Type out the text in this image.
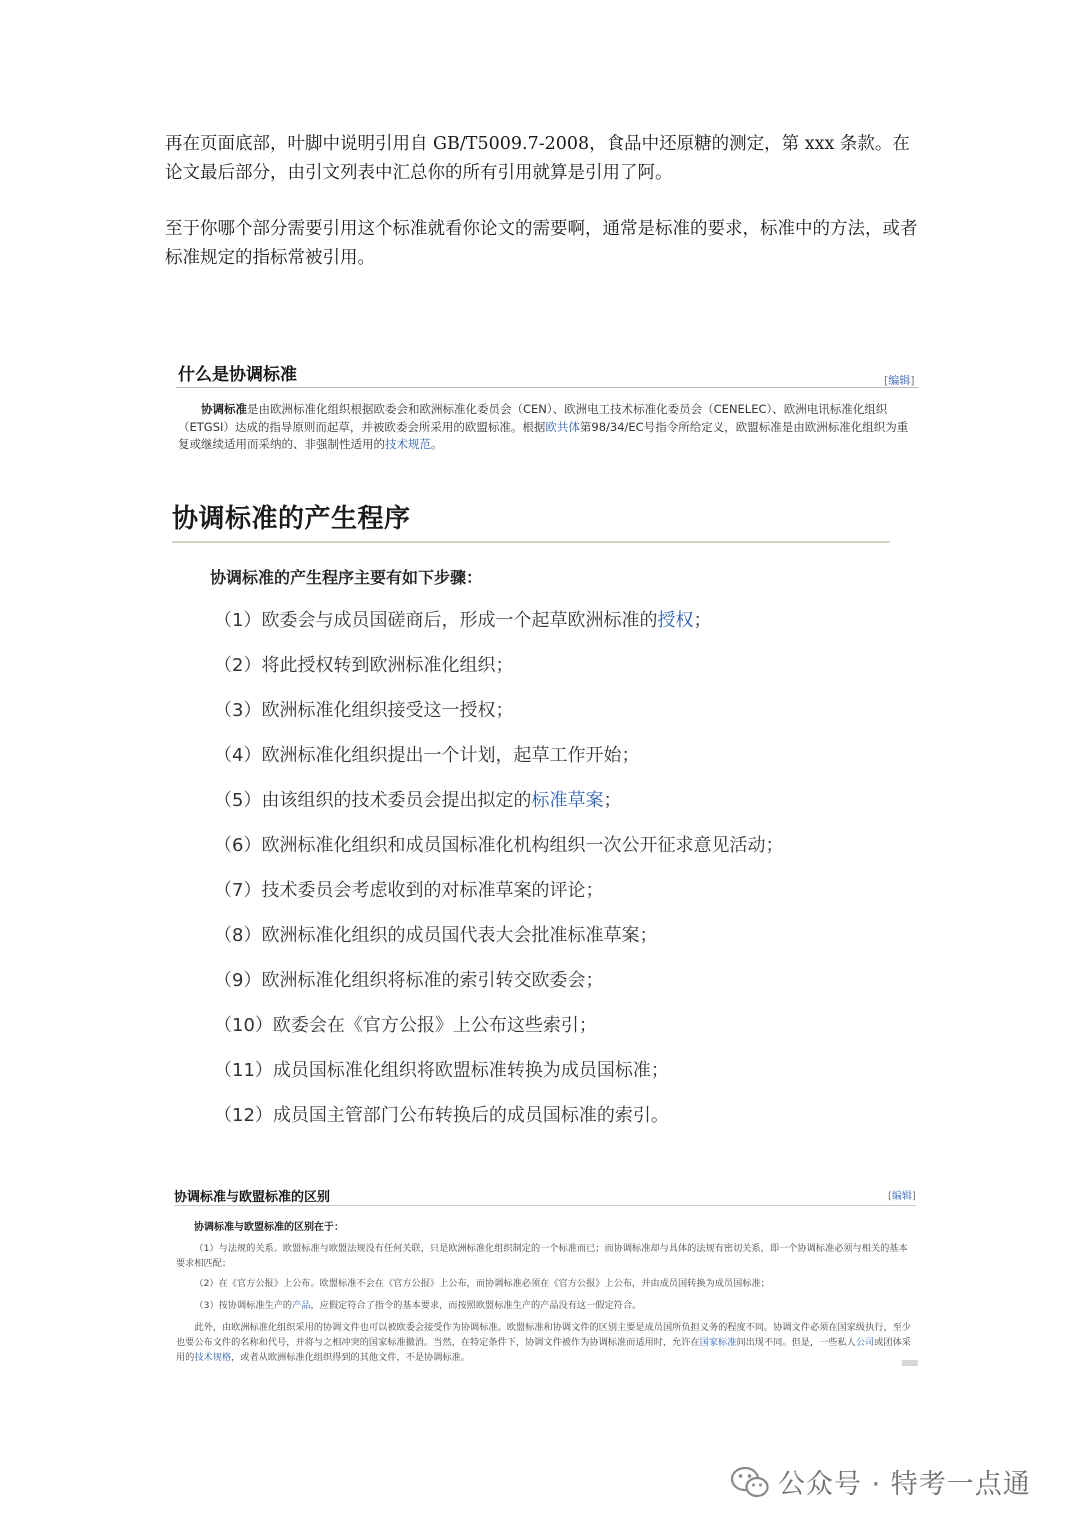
再在页面底部，叶脚中说明引用自 GB/T5009.7-2008，食品中还原糖的测定，第 xxx 条款。在论文最后部分，由引文列表中汇总你的所有引用就算是引用了阿。

至于你哪个部分需要引用这个标准就看你论文的需要啊，通常是标准的要求，标准中的方法，或者标准规定的指标常被引用。

什么是协调标准	[编辑]
协调标准是由欧洲标准化组织根据欧委会和欧洲标准化委员会（CEN）、欧洲电工技术标准化委员会（CENELEC）、欧洲电讯标准化组织（ETGSI）达成的指导原则而起草，并被欧委会所采用的欧盟标准。根据欧共体第98/34/EC号指令所给定义，欧盟标准是由欧洲标准化组织为重复或继续适用而采纳的、非强制性适用的技术规范。
协调标准的产生程序
协调标准的产生程序主要有如下步骤：
（1）欧委会与成员国磋商后，形成一个起草欧洲标准的授权；
（2）将此授权转到欧洲标准化组织；
（3）欧洲标准化组织接受这一授权；
（4）欧洲标准化组织提出一个计划，起草工作开始；
（5）由该组织的技术委员会提出拟定的标准草案；
（6）欧洲标准化组织和成员国标准化机构组织一次公开征求意见活动；
（7）技术委员会考虑收到的对标准草案的评论；
（8）欧洲标准化组织的成员国代表大会批准标准草案；
（9）欧洲标准化组织将标准的索引转交欧委会；
（10）欧委会在《官方公报》上公布这些索引；
（11）成员国标准化组织将欧盟标准转换为成员国标准；
（12）成员国主管部门公布转换后的成员国标准的索引。
协调标准与欧盟标准的区别	[编辑]
协调标准与欧盟标准的区别在于：
（1）与法规的关系。欧盟标准与欧盟法规没有任何关联，只是欧洲标准化组织制定的一个标准而已；而协调标准却与具体的法规有密切关系，即一个协调标准必须与相关的基本要求相匹配；
（2）在《官方公报》上公布。欧盟标准不会在《官方公报》上公布，而协调标准必须在《官方公报》上公布，并由成员国转换为成员国标准；
（3）按协调标准生产的产品，应假定符合了指令的基本要求，而按照欧盟标准生产的产品没有这一假定符合。
此外，由欧洲标准化组织采用的协调文件也可以被欧委会接受作为协调标准。欧盟标准和协调文件的区别主要是成员国所负担义务的程度不同。协调文件必须在国家级执行，至少也要公布文件的名称和代号，并将与之相冲突的国家标准撤消。当然，在特定条件下，协调文件被作为协调标准而适用时，允许在国家标准间出现不同。但是，一些私人公司或团体采用的技术规格，或者从欧洲标准化组织得到的其他文件，不是协调标准。
公众号 · 特考一点通
